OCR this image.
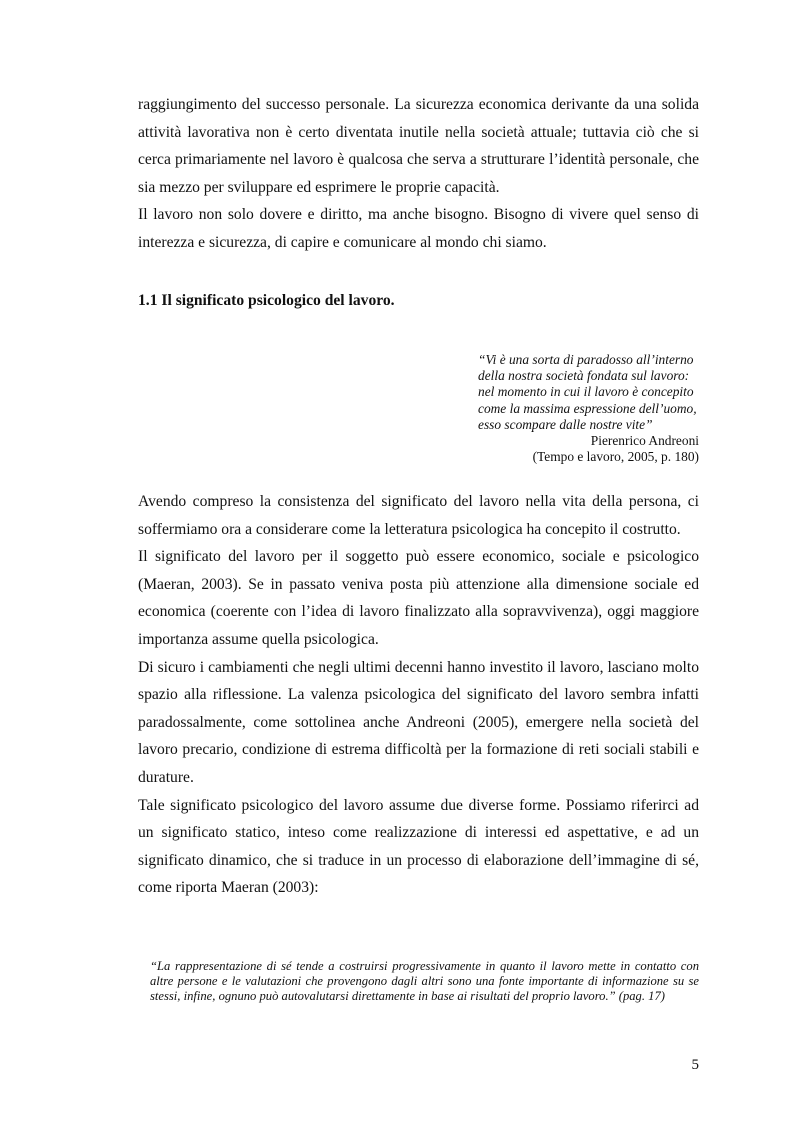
raggiungimento del successo personale. La sicurezza economica derivante da una solida attività lavorativa non è certo diventata inutile nella società attuale; tuttavia ciò che si cerca primariamente nel lavoro è qualcosa che serva a strutturare l’identità personale, che sia mezzo per sviluppare ed esprimere le proprie capacità.

Il lavoro non solo dovere e diritto, ma anche bisogno. Bisogno di vivere quel senso di interezza e sicurezza, di capire e comunicare al mondo chi siamo.

1.1 Il significato psicologico del lavoro.

“Vi è una sorta di paradosso all’interno della nostra società fondata sul lavoro: nel momento in cui il lavoro è concepito come la massima espressione dell’uomo, esso scompare dalle nostre vite”

Pierenrico Andreoni

(Tempo e lavoro, 2005, p. 180)

Avendo compreso la consistenza del significato del lavoro nella vita della persona, ci soffermiamo ora a considerare come la letteratura psicologica ha concepito il costrutto.

Il significato del lavoro per il soggetto può essere economico, sociale e psicologico (Maeran, 2003). Se in passato veniva posta più attenzione alla dimensione sociale ed economica (coerente con l’idea di lavoro finalizzato alla sopravvivenza), oggi maggiore importanza assume quella psicologica.

Di sicuro i cambiamenti che negli ultimi decenni hanno investito il lavoro, lasciano molto spazio alla riflessione. La valenza psicologica del significato del lavoro sembra infatti paradossalmente, come sottolinea anche Andreoni (2005), emergere nella società del lavoro precario, condizione di estrema difficoltà per la formazione di reti sociali stabili e durature.

Tale significato psicologico del lavoro assume due diverse forme. Possiamo riferirci ad un significato statico, inteso come realizzazione di interessi ed aspettative, e ad un significato dinamico, che si traduce in un processo di elaborazione dell’immagine di sé, come riporta Maeran (2003):

“La rappresentazione di sé tende a costruirsi progressivamente in quanto il lavoro mette in contatto con altre persone e le valutazioni che provengono dagli altri sono una fonte importante di informazione su se stessi, infine, ognuno può autovalutarsi direttamente in base ai risultati del proprio lavoro.” (pag. 17)

5
